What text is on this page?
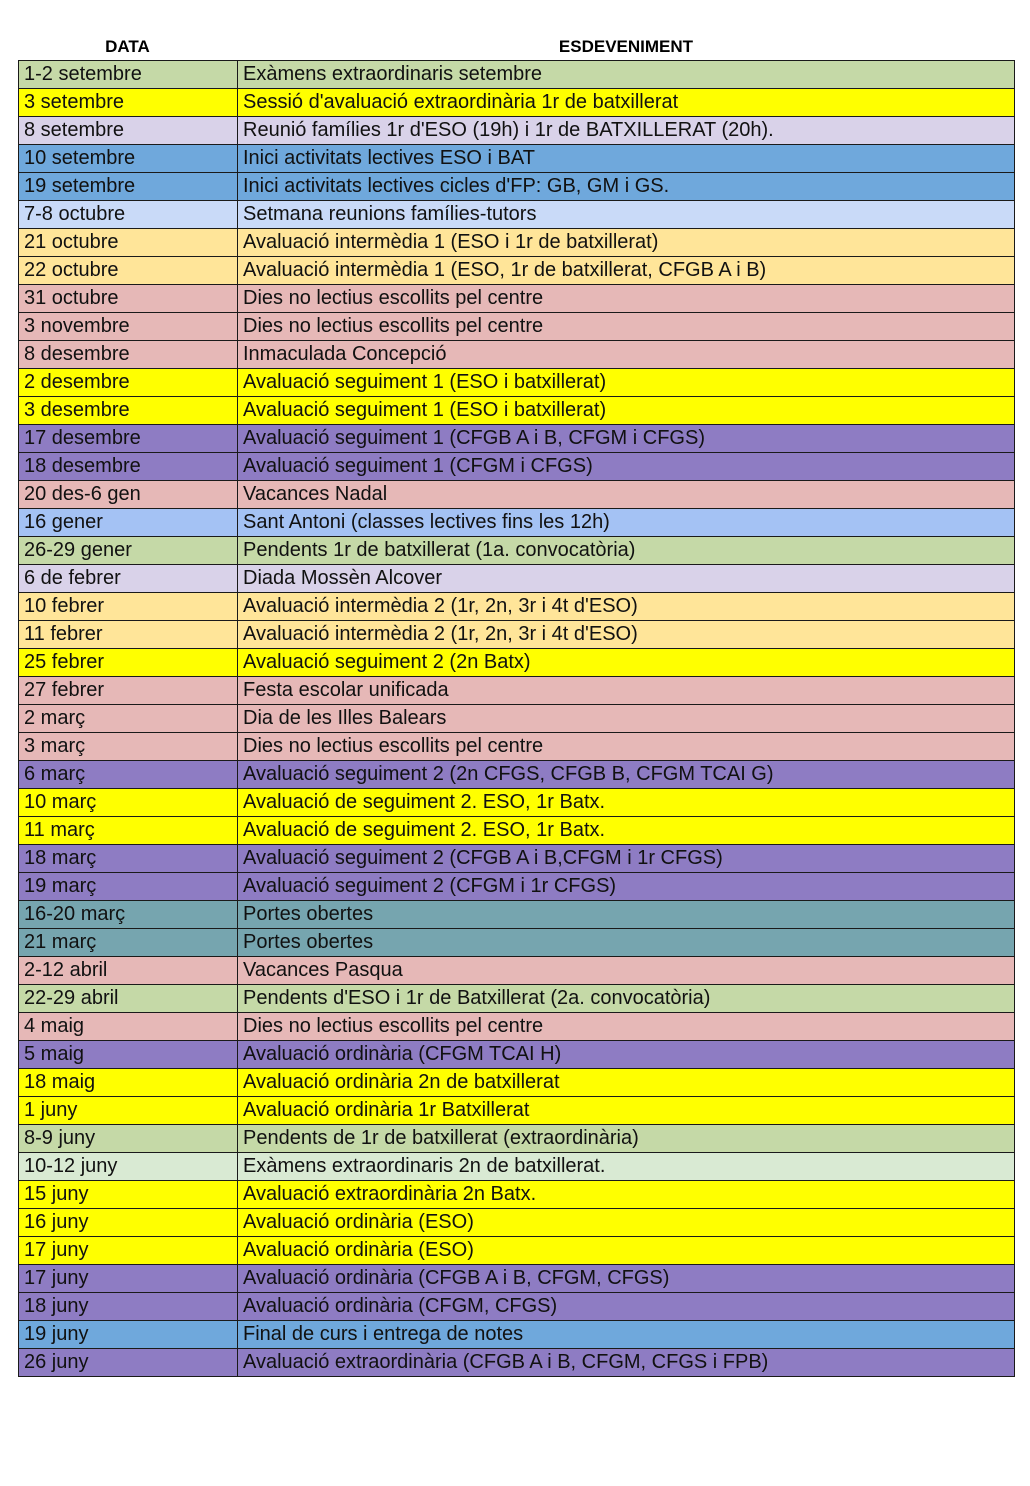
DATA	ESDEVENIMENT
1-2 setembre	Exàmens extraordinaris setembre
3 setembre	Sessió d'avaluació extraordinària 1r de batxillerat
8 setembre	Reunió famílies 1r d'ESO (19h) i 1r de BATXILLERAT (20h).
10 setembre	Inici activitats lectives ESO i BAT
19 setembre	Inici activitats lectives cicles d'FP: GB, GM i GS.
7-8 octubre	Setmana reunions famílies-tutors
21 octubre	Avaluació intermèdia 1 (ESO i 1r de batxillerat)
22 octubre	Avaluació intermèdia 1 (ESO, 1r de batxillerat, CFGB A i B)
31 octubre	Dies no lectius escollits pel centre
3 novembre	Dies no lectius escollits pel centre
8 desembre	Inmaculada Concepció
2 desembre	Avaluació seguiment 1 (ESO i batxillerat)
3 desembre	Avaluació seguiment 1 (ESO i batxillerat)
17 desembre	Avaluació seguiment 1 (CFGB A i B, CFGM i CFGS)
18 desembre	Avaluació seguiment 1 (CFGM i CFGS)
20 des-6 gen	Vacances Nadal
16 gener	Sant Antoni (classes lectives fins les 12h)
26-29 gener	Pendents 1r de batxillerat (1a. convocatòria)
6 de febrer	Diada Mossèn Alcover
10 febrer	Avaluació intermèdia 2 (1r, 2n, 3r i 4t d'ESO)
11 febrer	Avaluació intermèdia 2 (1r, 2n, 3r i 4t d'ESO)
25 febrer	Avaluació seguiment 2 (2n Batx)
27 febrer	Festa escolar unificada
2 març	Dia de les Illes Balears
3 març	Dies no lectius escollits pel centre
6 març	Avaluació seguiment 2 (2n CFGS, CFGB B, CFGM TCAI G)
10 març	Avaluació de seguiment 2. ESO, 1r Batx.
11 març	Avaluació de seguiment 2. ESO, 1r Batx.
18 març	Avaluació seguiment 2 (CFGB A i B,CFGM i 1r CFGS)
19 març	Avaluació seguiment 2 (CFGM i 1r CFGS)
16-20 març	Portes obertes
21 març	Portes obertes
2-12 abril	Vacances Pasqua
22-29 abril	Pendents d'ESO i 1r de Batxillerat (2a. convocatòria)
4 maig	Dies no lectius escollits pel centre
5 maig	Avaluació ordinària (CFGM TCAI H)
18 maig	Avaluació ordinària 2n de batxillerat
1 juny	Avaluació ordinària 1r Batxillerat
8-9 juny	Pendents de 1r de batxillerat (extraordinària)
10-12 juny	Exàmens extraordinaris 2n de batxillerat.
15 juny	Avaluació extraordinària 2n Batx.
16 juny	Avaluació ordinària (ESO)
17 juny	Avaluació ordinària (ESO)
17 juny	Avaluació ordinària (CFGB A i B, CFGM, CFGS)
18 juny	Avaluació ordinària (CFGM, CFGS)
19 juny	Final de curs i entrega de notes
26 juny	Avaluació extraordinària (CFGB A i B, CFGM, CFGS i FPB)
